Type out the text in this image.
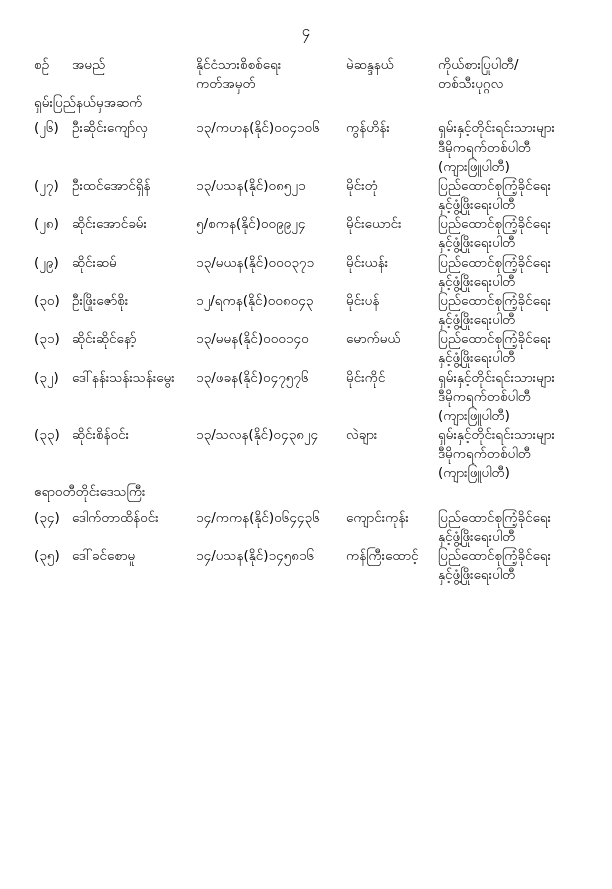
၄
စဉ်	အမည်	နိုင်ငံသားစိစစ်ရေး
ကတ်အမှတ်	မဲဆန္ဒနယ်	ကိုယ်စားပြုပါတီ/
တစ်သီးပုဂ္ဂလ

ရှမ်းပြည်နယ်မှအဆက်				
(၂၆)	ဦးဆိုင်းကျော်လှ	၁၃/ကဟန(နိုင်)၀၀၄၁၀၆	ကွန်ဟိန်း	ရှမ်းနှင့်တိုင်းရင်းသားများ
ဒီမိုကရက်တစ်ပါတီ
(ကျားဖြူပါတီ)

(၂၇)	ဦးထင်အောင်ရှိန်	၁၃/ပသန(နိုင်)၀၈၅၂၁	မိုင်းတုံ	ပြည်ထောင်စုကြံ့ခိုင်ရေး
နှင့်ဖွံ့ဖြိုးရေးပါတီ

(၂၈)	ဆိုင်းအောင်ခမ်း	၅/စကန(နိုင်)၀၀၉၉၂၄	မိုင်းယောင်း	ပြည်ထောင်စုကြံ့ခိုင်ရေး
နှင့်ဖွံ့ဖြိုးရေးပါတီ

(၂၉)	ဆိုင်းဆမ်	၁၃/မယန(နိုင်)၀၀၀၃၇၁	မိုင်းယန်း	ပြည်ထောင်စုကြံ့ခိုင်ရေး
နှင့်ဖွံ့ဖြိုးရေးပါတီ

(၃၀)	ဦးဖြိုးဇော်စိုး	၁၂/ရကန(နိုင်)၀၀၈၀၄၃	မိုင်းပန်	ပြည်ထောင်စုကြံ့ခိုင်ရေး
နှင့်ဖွံ့ဖြိုးရေးပါတီ

(၃၁)	ဆိုင်းဆိုင်နော့်	၁၃/မမန(နိုင်)၀၀၀၁၄၀	မောက်မယ်	ပြည်ထောင်စုကြံ့ခိုင်ရေး
နှင့်ဖွံ့ဖြိုးရေးပါတီ

(၃၂)	ဒေါ်နန်းသန်းသန်းမွေး	၁၃/ဖခန(နိုင်)၀၄၇၅၇၆	မိုင်းကိုင်	ရှမ်းနှင့်တိုင်းရင်းသားများ
ဒီမိုကရက်တစ်ပါတီ
(ကျားဖြူပါတီ)

(၃၃)	ဆိုင်းစိန်ဝင်း	၁၃/သလန(နိုင်)၀၄၃၈၂၄	လဲချား	ရှမ်းနှင့်တိုင်းရင်းသားများ
ဒီမိုကရက်တစ်ပါတီ
(ကျားဖြူပါတီ)

ဧရာဝတီတိုင်းဒေသကြီး				
(၃၄)	ဒေါက်တာထိန်ဝင်း	၁၄/ကကန(နိုင်)၀၆၄၄၃၆	ကျောင်းကုန်း	ပြည်ထောင်စုကြံ့ခိုင်ရေး
နှင့်ဖွံ့ဖြိုးရေးပါတီ

(၃၅)	ဒေါ်ခင်စောမူ	၁၄/ပသန(နိုင်)၁၄၅၈၁၆	ကန်ကြီးထောင့်	ပြည်ထောင်စုကြံ့ခိုင်ရေး
နှင့်ဖွံ့ဖြိုးရေးပါတီ
